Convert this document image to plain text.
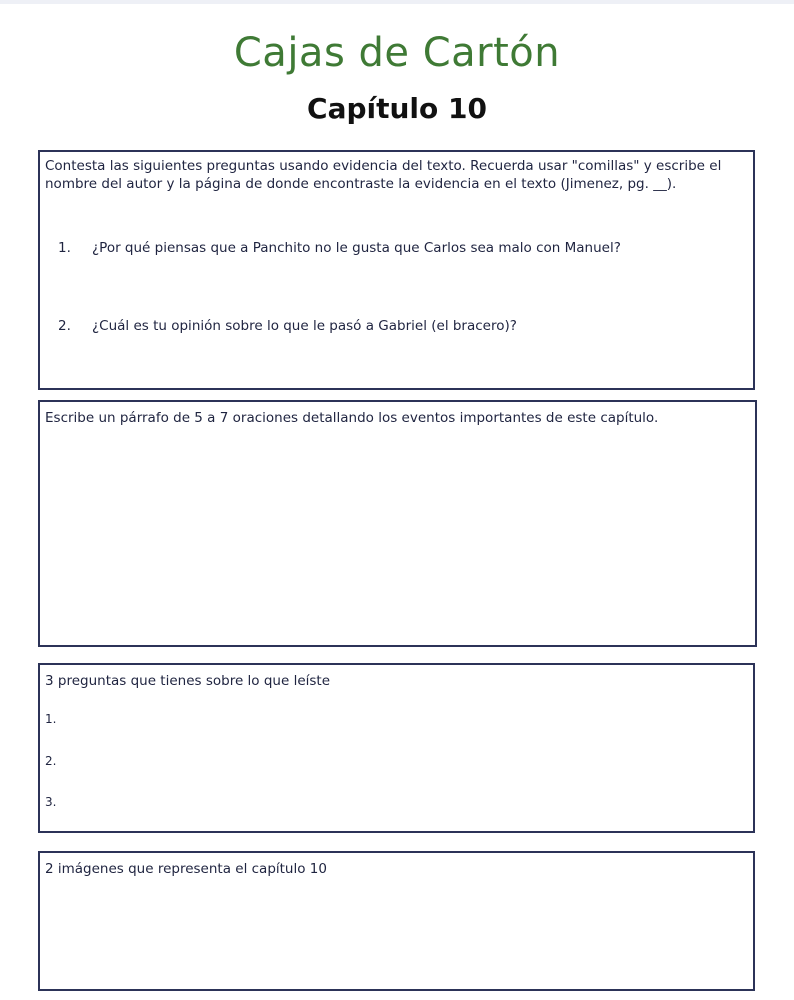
Cajas de Cartón
Capítulo 10

Contesta las siguientes preguntas usando evidencia del texto. Recuerda usar "comillas" y escribe el nombre del autor y la página de donde encontraste la evidencia en el texto (Jimenez, pg. __).

1. ¿Por qué piensas que a Panchito no le gusta que Carlos sea malo con Manuel?

2. ¿Cuál es tu opinión sobre lo que le pasó a Gabriel (el bracero)?

Escribe un párrafo de 5 a 7 oraciones detallando los eventos importantes de este capítulo.

3 preguntas que tienes sobre lo que leíste

1.
2.
3.

2 imágenes que representa el capítulo 10
